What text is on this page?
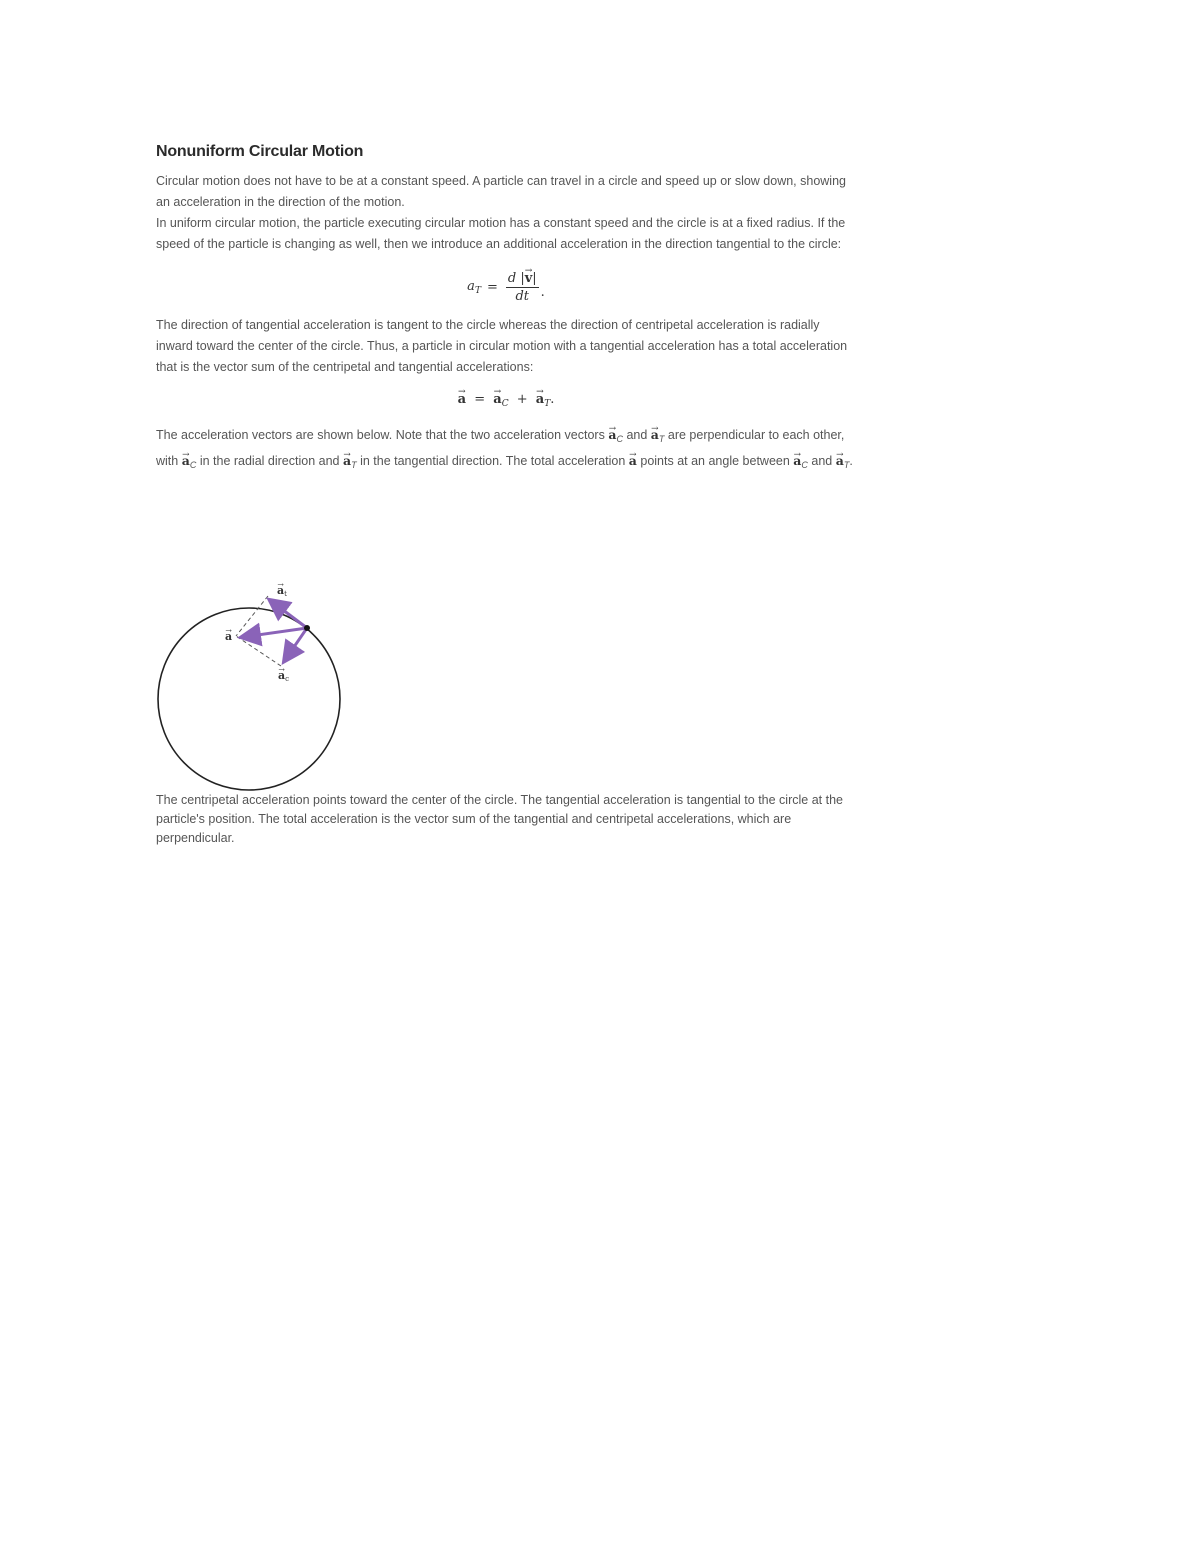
Nonuniform Circular Motion

Circular motion does not have to be at a constant speed. A particle can travel in a circle and speed up or slow down, showing an acceleration in the direction of the motion.

In uniform circular motion, the particle executing circular motion has a constant speed and the circle is at a fixed radius. If the speed of the particle is changing as well, then we introduce an additional acceleration in the direction tangential to the circle:

$a_T = \frac{d |\to v|}{dt}$ .

The direction of tangential acceleration is tangent to the circle whereas the direction of centripetal acceleration is radially inward toward the center of the circle. Thus, a particle in circular motion with a tangential acceleration has a total acceleration that is the vector sum of the centripetal and tangential accelerations:

→ a = → $a_C$ + → $a_T$.

The acceleration vectors are shown below. Note that the two acceleration vectors → $a_C$ and → $a_T$ are perpendicular to each other, with → $a_C$ in the radial direction and → $a_T$ in the tangential direction. The total acceleration → a points at an angle between → $a_C$ and → $a_T$.

→ at
→ a
→ ac

The centripetal acceleration points toward the center of the circle. The tangential acceleration is tangential to the circle at the particle's position. The total acceleration is the vector sum of the tangential and centripetal accelerations, which are perpendicular.
